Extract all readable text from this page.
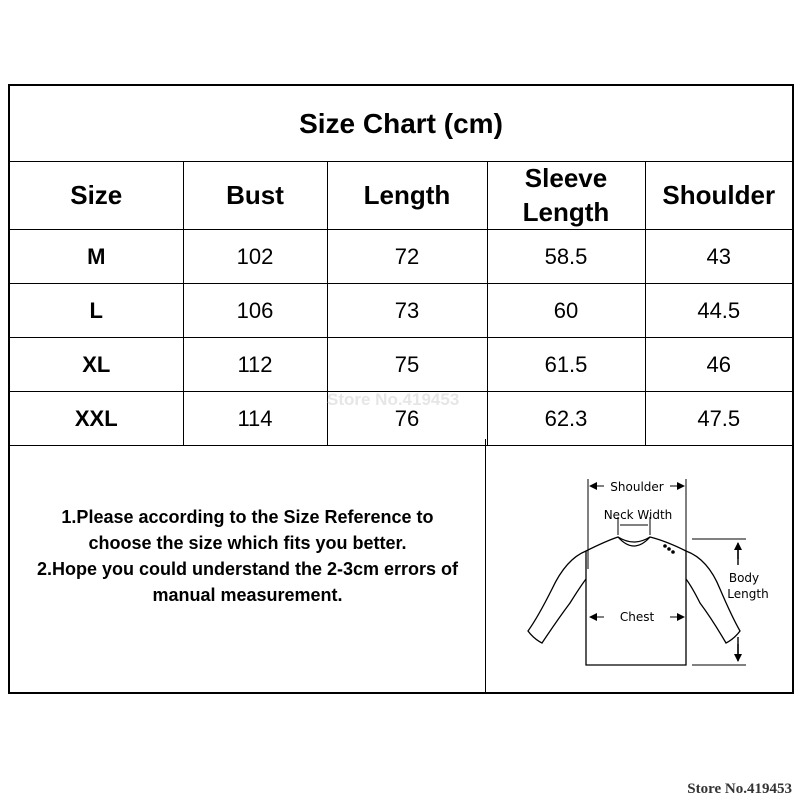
Size Chart (cm)
Size	Bust	Length	Sleeve Length	Shoulder
M	102	72	58.5	43
L	106	73	60	44.5
XL	112	75	61.5	46
XXL	114	76	62.3	47.5
1.Please according to the Size Reference to
choose the size which fits you better.
2.Hope you could understand the 2-3cm errors of
manual measurement.
Shoulder
Neck Width
Chest
Body
Length
Store No.419453
Store No.419453
